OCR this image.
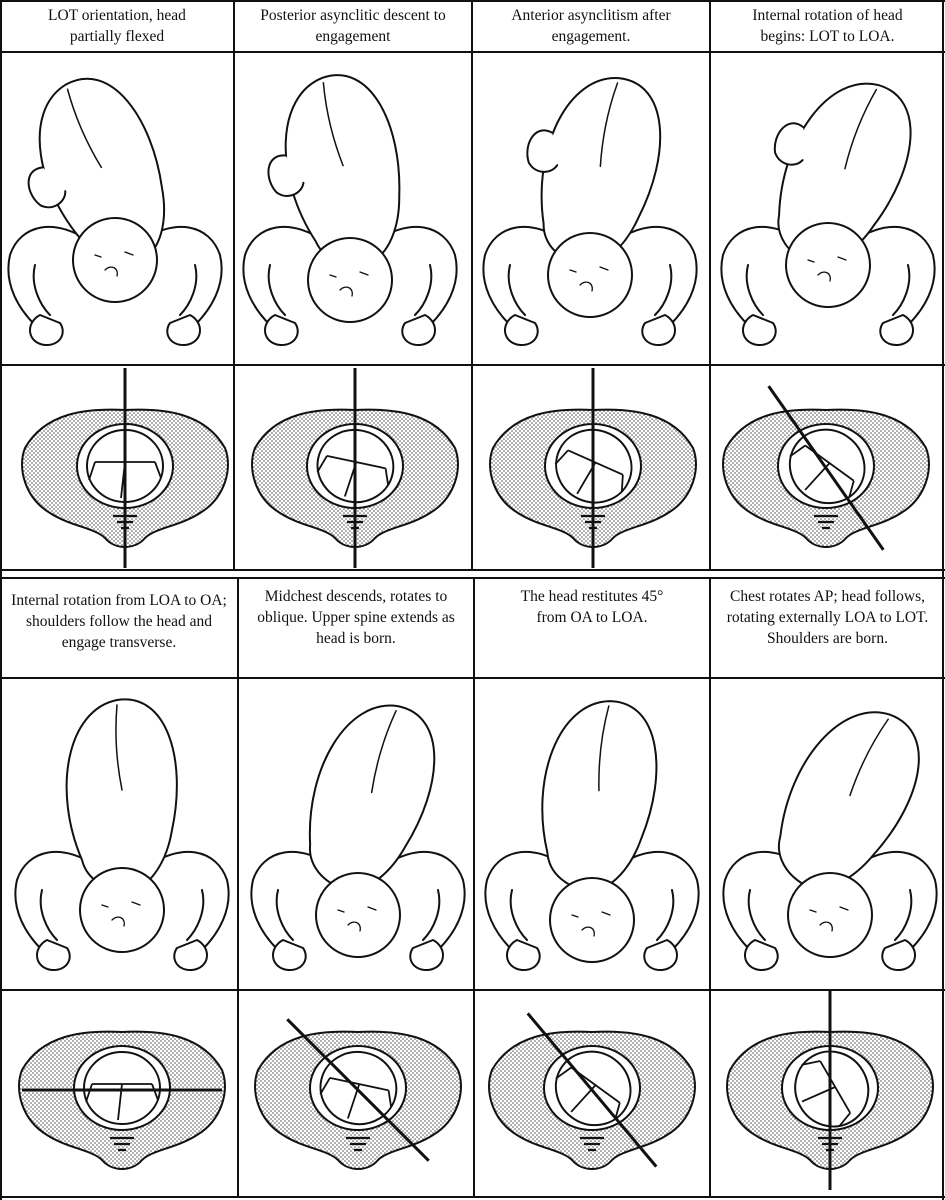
LOT orientation, head partially flexed
Posterior asynclitic descent to engagement
Anterior asynclitism after engagement.
Internal rotation of head begins: LOT to LOA.
Internal rotation from LOA to OA; shoulders follow the head and engage transverse.
Midchest descends, rotates to oblique. Upper spine extends as head is born.
The head restitutes 45° from OA to LOA.
Chest rotates AP; head follows, rotating externally LOA to LOT. Shoulders are born.
